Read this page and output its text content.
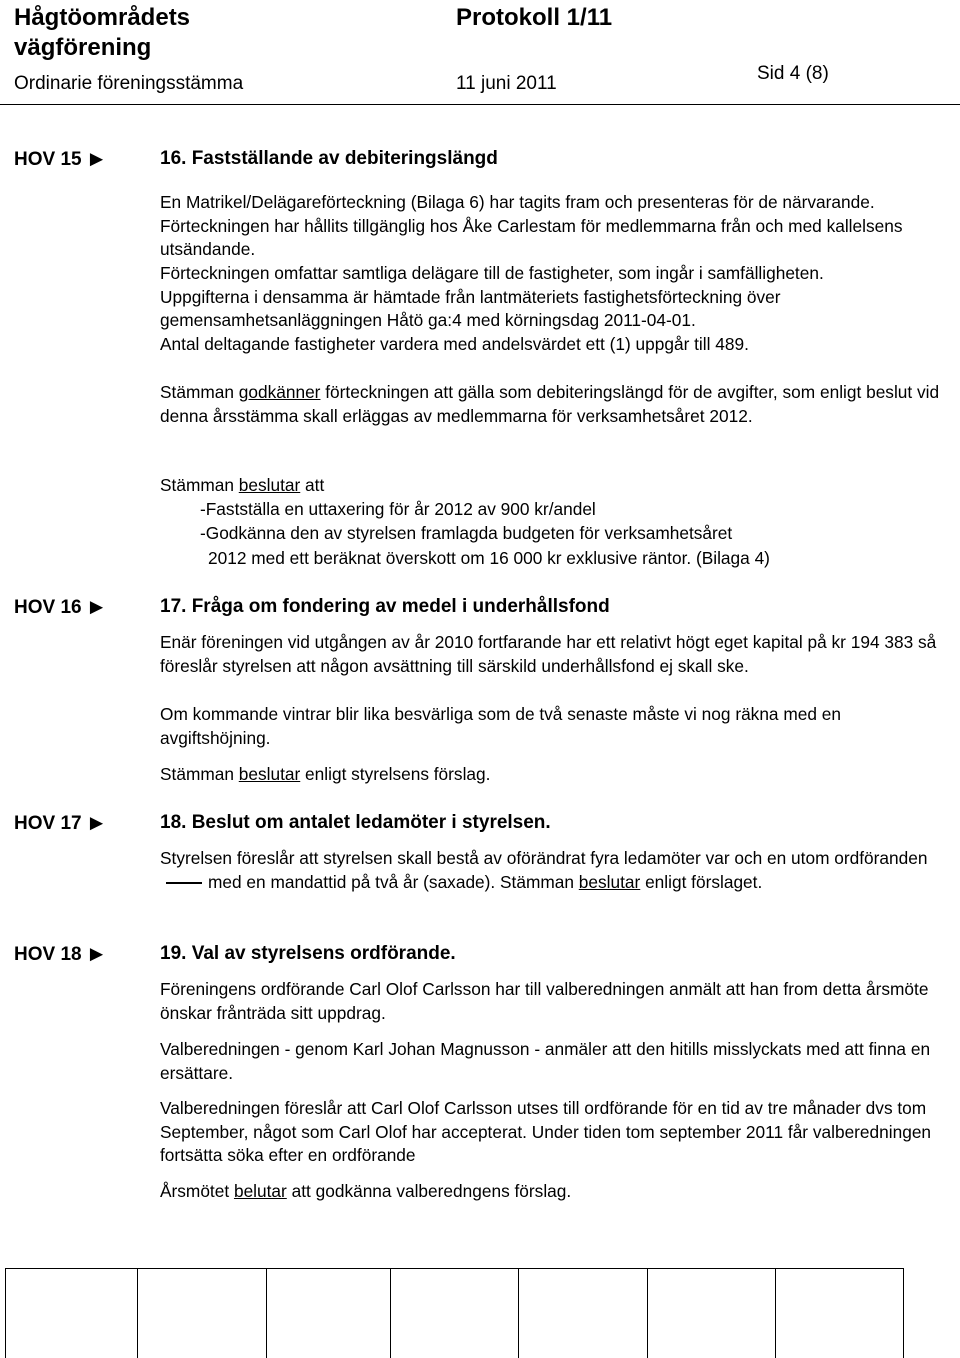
Hågtöområdets
vägförening
Protokoll 1/11
Ordinarie föreningsstämma	11 juni 2011	Sid 4 (8)
HOV 15 ►	16. Fastställande av debiteringslängd
En Matrikel/Delägareförteckning (Bilaga 6) har tagits fram och presenteras för de närvarande. Förteckningen har hållits tillgänglig hos Åke Carlestam för medlemmarna från och med kallelsens utsändande.
Förteckningen omfattar samtliga delägare till de fastigheter, som ingår i samfälligheten.
Uppgifterna i densamma är hämtade från lantmäteriets fastighetsförteckning över gemensamhetsanläggningen Håtö ga:4 med körningsdag 2011-04-01.
Antal deltagande fastigheter vardera med andelsvärdet ett (1) uppgår till 489.
Stämman godkänner förteckningen att gälla som debiteringslängd för de avgifter, som enligt beslut vid denna årsstämma skall erläggas av medlemmarna för verksamhetsåret 2012.
Stämman beslutar att
-Fastställa en uttaxering för år 2012 av 900 kr/andel
-Godkänna den av styrelsen framlagda budgeten för verksamhetsåret
2012 med ett beräknat överskott om 16 000 kr exklusive räntor. (Bilaga 4)
HOV 16 ►	17. Fråga om fondering av medel i underhållsfond
Enär föreningen vid utgången av år 2010 fortfarande har ett relativt högt eget kapital på kr 194 383 så föreslår styrelsen att någon avsättning till särskild underhållsfond ej skall ske.
Om kommande vintrar blir lika besvärliga som de två senaste måste vi nog räkna med en avgiftshöjning.
Stämman beslutar enligt styrelsens förslag.
HOV 17 ►	18. Beslut om antalet ledamöter i styrelsen.
Styrelsen föreslår att styrelsen skall bestå av oförändrat fyra ledamöter var och en utom ordförandenmed en mandattid på två år (saxade). Stämman beslutar enligt förslaget.
HOV 18 ►	19. Val av styrelsens ordförande.
Föreningens ordförande Carl Olof Carlsson har till valberedningen anmält att han from detta årsmöte önskar frånträda sitt uppdrag.
Valberedningen - genom Karl Johan Magnusson - anmäler att den hitills misslyckats med att finna en ersättare.
Valberedningen föreslår att Carl Olof Carlsson utses till ordförande för en tid av tre månader dvs tom September, något som Carl Olof har accepterat. Under tiden tom september 2011 får valberedningen fortsätta söka efter en ordförande
Årsmötet belutar att godkänna valberedngens förslag.
